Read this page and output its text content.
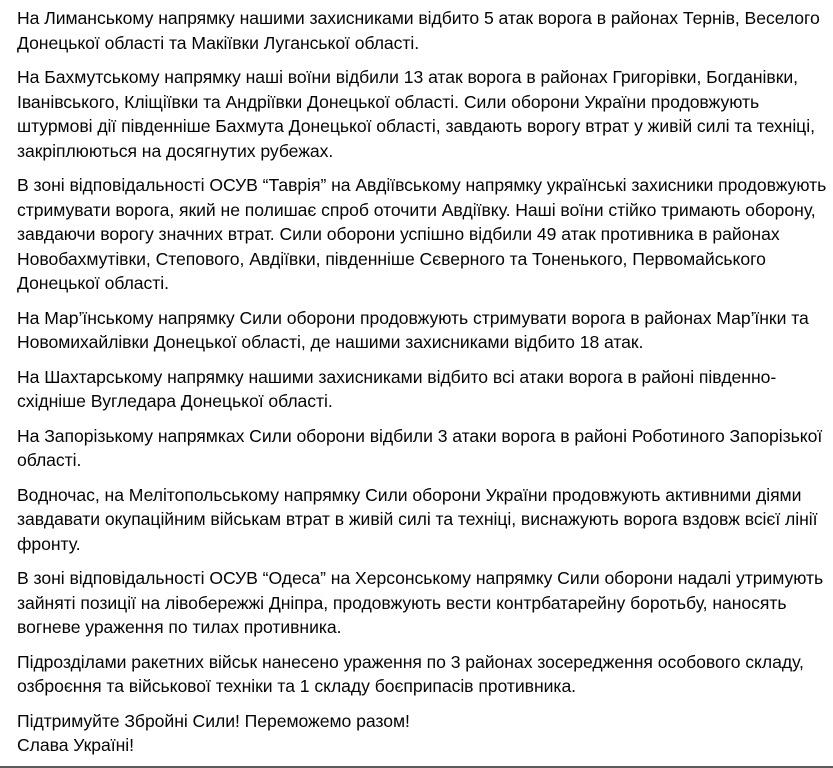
На Лиманському напрямку нашими захисниками відбито 5 атак ворога в районах Тернів, Веселого Донецької області та Макіївки Луганської області.

На Бахмутському напрямку наші воїни відбили 13 атак ворога в районах Григорівки, Богданівки, Іванівського, Кліщіївки та Андріївки Донецької області. Сили оборони України продовжують штурмові дії південніше Бахмута Донецької області, завдають ворогу втрат у живій силі та техніці, закріплюються на досягнутих рубежах.

В зоні відповідальності ОСУВ “Таврія” на Авдіївському напрямку українські захисники продовжують стримувати ворога, який не полишає спроб оточити Авдіївку. Наші воїни стійко тримають оборону, завдаючи ворогу значних втрат. Сили оборони успішно відбили 49 атак противника в районах Новобахмутівки, Степового, Авдіївки, південніше Сєверного та Тоненького, Первомайського Донецької області.

На Мар’їнському напрямку Сили оборони продовжують стримувати ворога в районах Мар’їнки та Новомихайлівки Донецької області, де нашими захисниками відбито 18 атак.

На Шахтарському напрямку нашими захисниками відбито всі атаки ворога в районі південно-східніше Вугледара Донецької області.

На Запорізькому напрямках Сили оборони відбили 3 атаки ворога в районі Роботиного Запорізької області.

Водночас, на Мелітопольському напрямку Сили оборони України продовжують активними діями завдавати окупаційним військам втрат в живій силі та техніці, виснажують ворога вздовж всієї лінії фронту.

В зоні відповідальності ОСУВ “Одеса” на Херсонському напрямку Сили оборони надалі утримують зайняті позиції на лівобережжі Дніпра, продовжують вести контрбатарейну боротьбу, наносять вогневе ураження по тилах противника.

Підрозділами ракетних військ нанесено ураження по 3 районах зосередження особового складу, озброєння та військової техніки та 1 складу боєприпасів противника.

Підтримуйте Збройні Сили! Переможемо разом!
Слава Україні!
